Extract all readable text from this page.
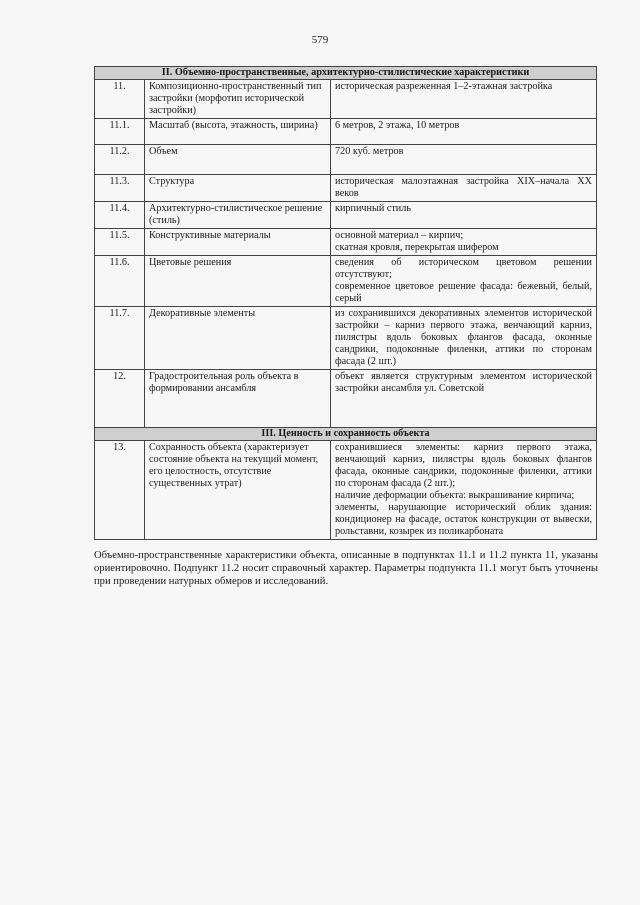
579
II. Объемно-пространственные, архитектурно-стилистические характеристики		
11.	Композиционно-пространственный тип застройки (морфотип исторической застройки)	историческая разреженная 1–2-этажная застройка

11.1.	Масштаб (высота, этажность, ширина)	6 метров, 2 этажа, 10 метров

11.2.	Объем	720 куб. метров

11.3.	Структура	историческая малоэтажная застройка XIX–начала XX веков

11.4.	Архитектурно-стилистическое решение (стиль)	кирпичный стиль

11.5.	Конструктивные материалы	основной материал – кирпич;
скатная кровля, перекрытая шифером

11.6.	Цветовые решения	сведения об историческом цветовом решении отсутствуют;
современное цветовое решение фасада: бежевый, белый, серый

11.7.	Декоративные элементы	из сохранившихся декоративных элементов исторической застройки – карниз первого этажа, венчающий карниз, пилястры вдоль боковых флангов фасада, оконные сандрики, подоконные филенки, аттики по сторонам фасада (2 шт.)

12.	Градостроительная роль объекта в формировании ансамбля	объект является структурным элементом исторической застройки ансамбля ул. Советской

III. Ценность и сохранность объекта		
13.	Сохранность объекта (характеризует состояние объекта на текущий момент, его целостность, отсутствие существенных утрат)	сохранившиеся элементы: карниз первого этажа, венчающий карниз, пилястры вдоль боковых флангов фасада, оконные сандрики, подоконные филенки, аттики по сторонам фасада (2 шт.);
наличие деформации объекта: выкрашивание кирпича;
элементы, нарушающие исторический облик здания: кондиционер на фасаде, остаток конструкции от вывески, рольставни, козырек из поликарбоната
Объемно-пространственные характеристики объекта, описанные в подпунктах 11.1 и 11.2 пункта 11, указаны ориентировочно. Подпункт 11.2 носит справочный характер. Параметры подпункта 11.1 могут быть уточнены при проведении натурных обмеров и исследований.
